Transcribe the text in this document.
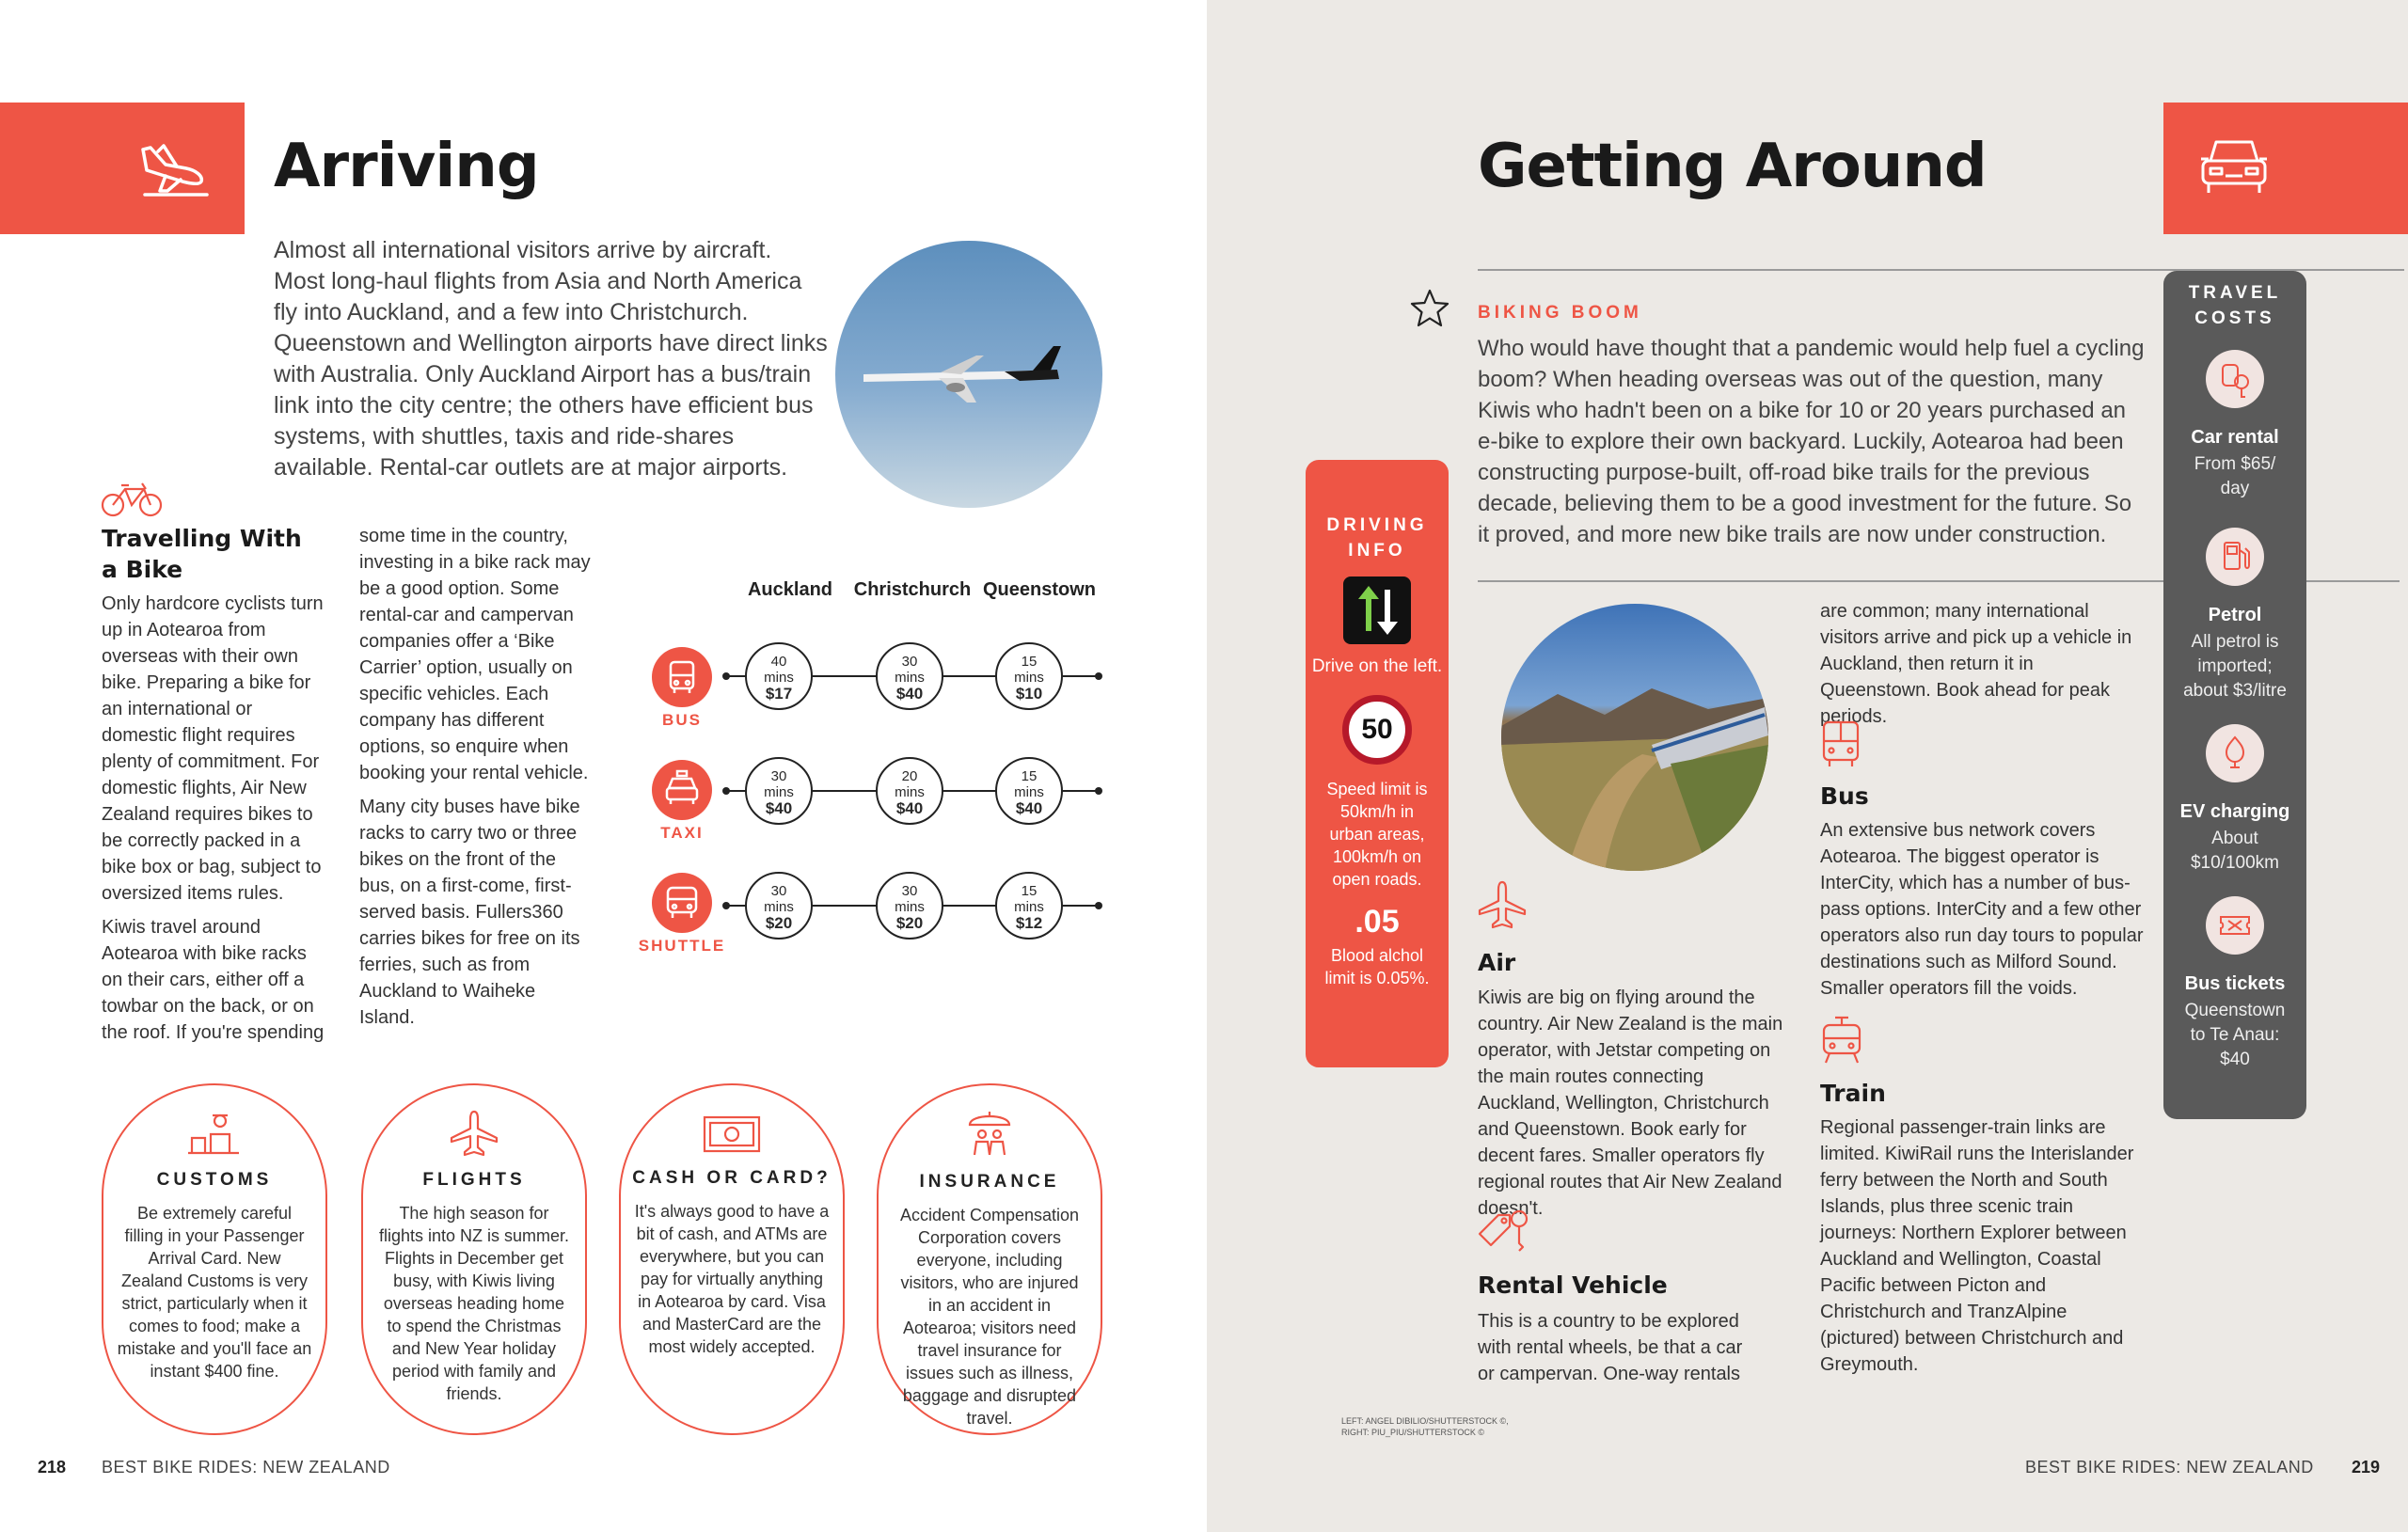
Arriving
Almost all international visitors arrive by aircraft. Most long-haul flights from Asia and North America fly into Auckland, and a few into Christchurch. Queenstown and Wellington airports have direct links with Australia. Only Auckland Airport has a bus/train link into the city centre; the others have efficient bus systems, with shuttles, taxis and ride-shares available. Rental-car outlets are at major airports.
Travelling With a Bike

Only hardcore cyclists turn up in Aotearoa from overseas with their own bike. Preparing a bike for an international or domestic flight requires plenty of commitment. For domestic flights, Air New Zealand requires bikes to be correctly packed in a bike box or bag, subject to oversized items rules.

Kiwis travel around Aotearoa with bike racks on their cars, either off a towbar on the back, or on the roof. If you're spending

some time in the country, investing in a bike rack may be a good option. Some rental-car and campervan companies offer a ‘Bike Carrier’ option, usually on specific vehicles. Each company has different options, so enquire when booking your rental vehicle.

Many city buses have bike racks to carry two or three bikes on the front of the bus, on a first-come, first-served basis. Fullers360 carries bikes for free on its ferries, such as from Auckland to Waiheke Island.

Auckland	Christchurch Queenstown
BUS
40
mins
$17
30
mins
$40
15
mins
$10
TAXI
30
mins
$40
20
mins
$40
15
mins
$40
SHUTTLE
30
mins
$20
30
mins
$20
15
mins
$12
CUSTOMS
Be extremely careful filling in your Passenger Arrival Card. New Zealand Customs is very strict, particularly when it comes to food; make a mistake and you'll face an instant $400 fine.
FLIGHTS
The high season for flights into NZ is summer. Flights in December get busy, with Kiwis living overseas heading home to spend the Christmas and New Year holiday period with family and friends.
CASH OR CARD?
It's always good to have a bit of cash, and ATMs are everywhere, but you can pay for virtually anything in Aotearoa by card. Visa and MasterCard are the most widely accepted.
INSURANCE
Accident Compensation Corporation covers everyone, including visitors, who are injured in an accident in Aotearoa; visitors need travel insurance for issues such as illness, baggage and disrupted travel.
218 BEST BIKE RIDES: NEW ZEALAND
Getting Around
BIKING BOOM
Who would have thought that a pandemic would help fuel a cycling boom? When heading overseas was out of the question, many Kiwis who hadn't been on a bike for 10 or 20 years purchased an e-bike to explore their own backyard. Luckily, Aotearoa had been constructing purpose-built, off-road bike trails for the previous decade, believing them to be a good investment for the future. So it proved, and more new bike trails are now under construction.
DRIVING INFO
Drive on the left.
50
Speed limit is 50km/h in urban areas, 100km/h on open roads.
.05
Blood alchol limit is 0.05%.
Air
Kiwis are big on flying around the country. Air New Zealand is the main operator, with Jetstar competing on the main routes connecting Auckland, Wellington, Christchurch and Queenstown. Book early for decent fares. Smaller operators fly regional routes that Air New Zealand doesn't.
Rental Vehicle
This is a country to be explored with rental wheels, be that a car or campervan. One-way rentals
are common; many international visitors arrive and pick up a vehicle in Auckland, then return it in Queenstown. Book ahead for peak periods.
Bus
An extensive bus network covers Aotearoa. The biggest operator is InterCity, which has a number of bus-pass options. InterCity and a few other operators also run day tours to popular destinations such as Milford Sound. Smaller operators fill the voids.
Train
Regional passenger-train links are limited. KiwiRail runs the Interislander ferry between the North and South Islands, plus three scenic train journeys: Northern Explorer between Auckland and Wellington, Coastal Pacific between Picton and Christchurch and TranzAlpine (pictured) between Christchurch and Greymouth.
TRAVEL COSTS
Car rental
From $65/ day
Petrol
All petrol is imported; about $3/litre
EV charging
About $10/100km
Bus tickets
Queenstown to Te Anau: $40
LEFT: ANGEL DIBILIO/SHUTTERSTOCK ©,
RIGHT: PIU_PIU/SHUTTERSTOCK ©
BEST BIKE RIDES: NEW ZEALAND 219
